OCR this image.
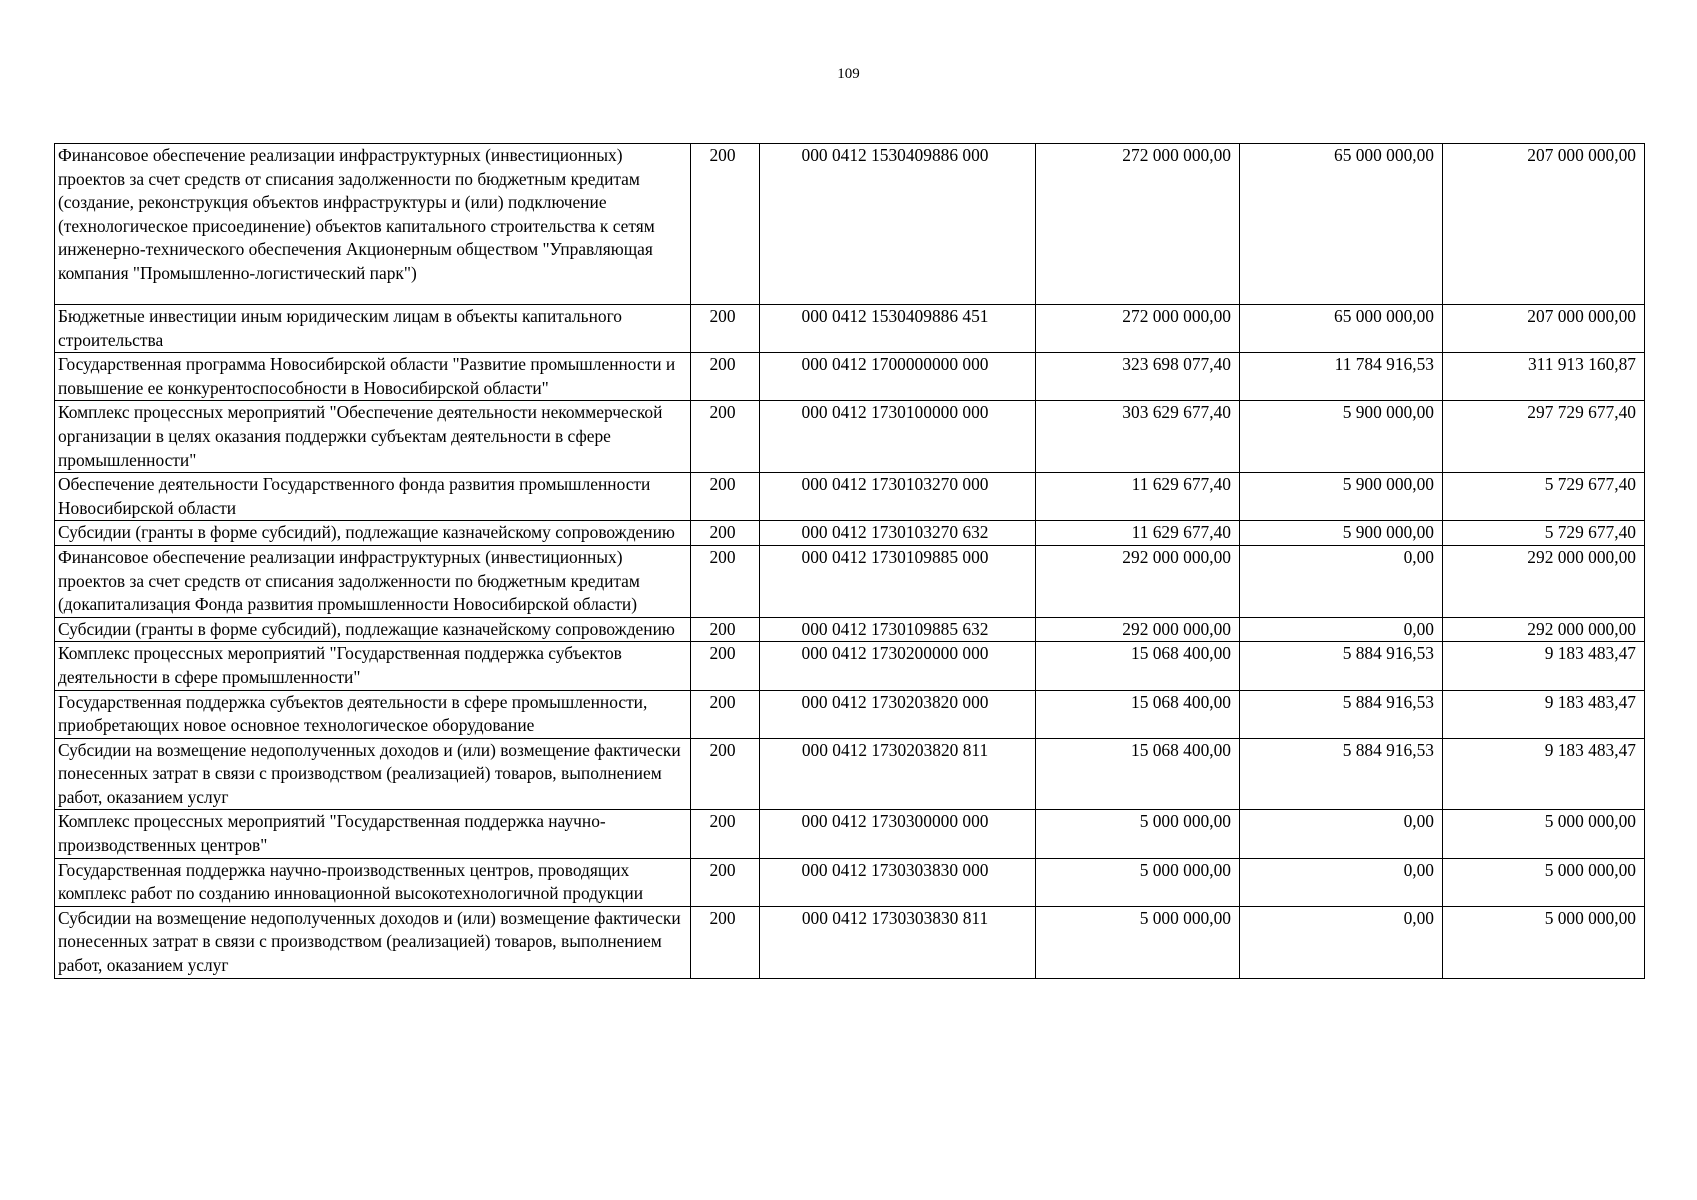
109
Финансовое обеспечение реализации инфраструктурных (инвестиционных) проектов за счет средств от списания задолженности по бюджетным кредитам (создание, реконструкция объектов инфраструктуры и (или) подключение (технологическое присоединение) объектов капитального строительства к сетям инженерно-технического обеспечения Акционерным обществом "Управляющая компания "Промышленно-логистический парк")	200	000 0412 1530409886 000	272 000 000,00	65 000 000,00	207 000 000,00
Бюджетные инвестиции иным юридическим лицам в объекты капитального строительства	200	000 0412 1530409886 451	272 000 000,00	65 000 000,00	207 000 000,00
Государственная программа Новосибирской области "Развитие промышленности и повышение ее конкурентоспособности в Новосибирской области"	200	000 0412 1700000000 000	323 698 077,40	11 784 916,53	311 913 160,87
Комплекс процессных мероприятий "Обеспечение деятельности некоммерческой организации в целях оказания поддержки субъектам деятельности в сфере промышленности"	200	000 0412 1730100000 000	303 629 677,40	5 900 000,00	297 729 677,40
Обеспечение деятельности Государственного фонда развития промышленности Новосибирской области	200	000 0412 1730103270 000	11 629 677,40	5 900 000,00	5 729 677,40
Субсидии (гранты в форме субсидий), подлежащие казначейскому сопровождению	200	000 0412 1730103270 632	11 629 677,40	5 900 000,00	5 729 677,40
Финансовое обеспечение реализации инфраструктурных (инвестиционных) проектов за счет средств от списания задолженности по бюджетным кредитам (докапитализация Фонда развития промышленности Новосибирской области)	200	000 0412 1730109885 000	292 000 000,00	0,00	292 000 000,00
Субсидии (гранты в форме субсидий), подлежащие казначейскому сопровождению	200	000 0412 1730109885 632	292 000 000,00	0,00	292 000 000,00
Комплекс процессных мероприятий "Государственная поддержка субъектов деятельности в сфере промышленности"	200	000 0412 1730200000 000	15 068 400,00	5 884 916,53	9 183 483,47
Государственная поддержка субъектов деятельности в сфере промышленности, приобретающих новое основное технологическое оборудование	200	000 0412 1730203820 000	15 068 400,00	5 884 916,53	9 183 483,47
Субсидии на возмещение недополученных доходов и (или) возмещение фактически понесенных затрат в связи с производством (реализацией) товаров, выполнением работ, оказанием услуг	200	000 0412 1730203820 811	15 068 400,00	5 884 916,53	9 183 483,47
Комплекс процессных мероприятий "Государственная поддержка научно-производственных центров"	200	000 0412 1730300000 000	5 000 000,00	0,00	5 000 000,00
Государственная поддержка научно-производственных центров, проводящих комплекс работ по созданию инновационной высокотехнологичной продукции	200	000 0412 1730303830 000	5 000 000,00	0,00	5 000 000,00
Субсидии на возмещение недополученных доходов и (или) возмещение фактически понесенных затрат в связи с производством (реализацией) товаров, выполнением работ, оказанием услуг	200	000 0412 1730303830 811	5 000 000,00	0,00	5 000 000,00
